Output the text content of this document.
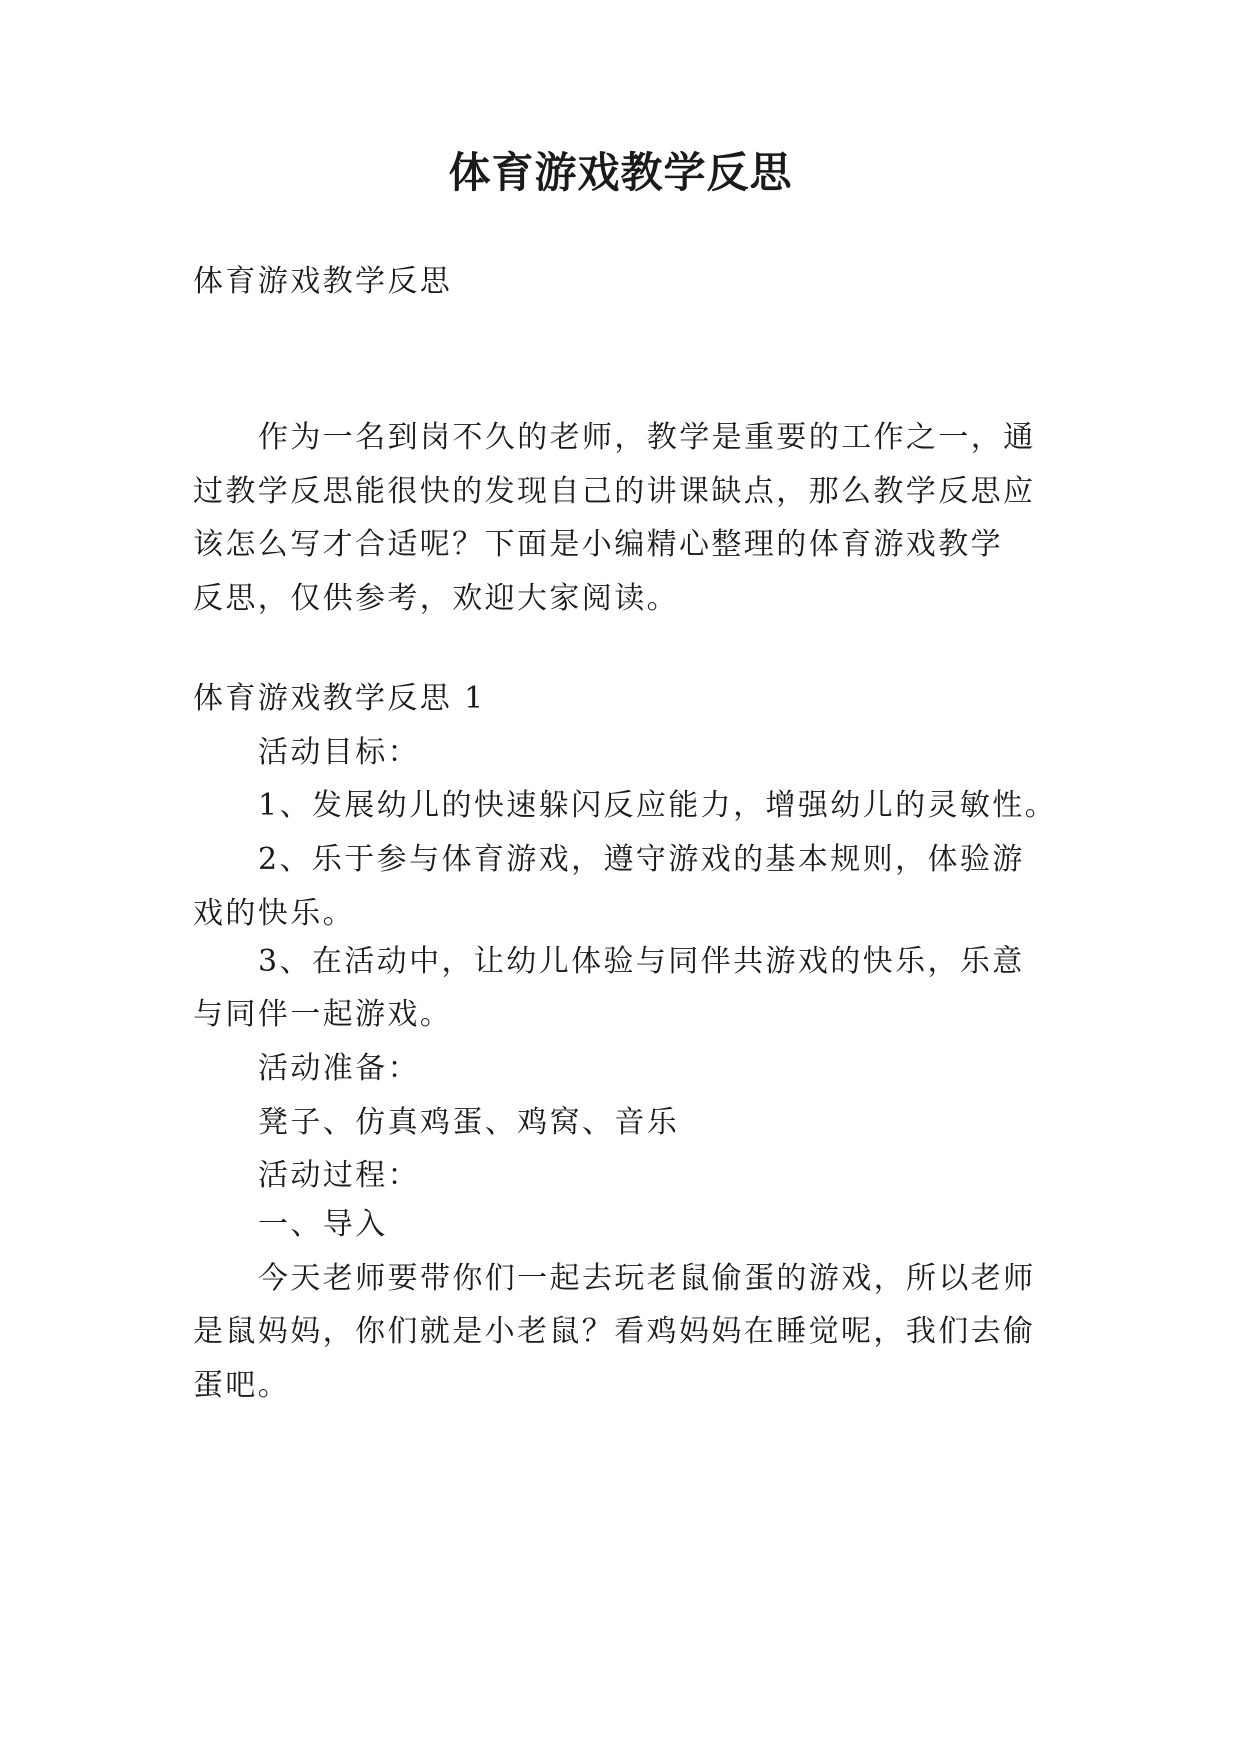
体育游戏教学反思
体育游戏教学反思
作为一名到岗不久的老师，教学是重要的工作之一，通
过教学反思能很快的发现自己的讲课缺点，那么教学反思应
该怎么写才合适呢？下面是小编精心整理的体育游戏教学
反思，仅供参考，欢迎大家阅读。
体育游戏教学反思 1
活动目标：
1、发展幼儿的快速躲闪反应能力，增强幼儿的灵敏性。
2、乐于参与体育游戏，遵守游戏的基本规则，体验游
戏的快乐。
3、在活动中，让幼儿体验与同伴共游戏的快乐，乐意
与同伴一起游戏。
活动准备：
凳子、仿真鸡蛋、鸡窝、音乐
活动过程：
一、导入
今天老师要带你们一起去玩老鼠偷蛋的游戏，所以老师
是鼠妈妈，你们就是小老鼠？看鸡妈妈在睡觉呢，我们去偷
蛋吧。
